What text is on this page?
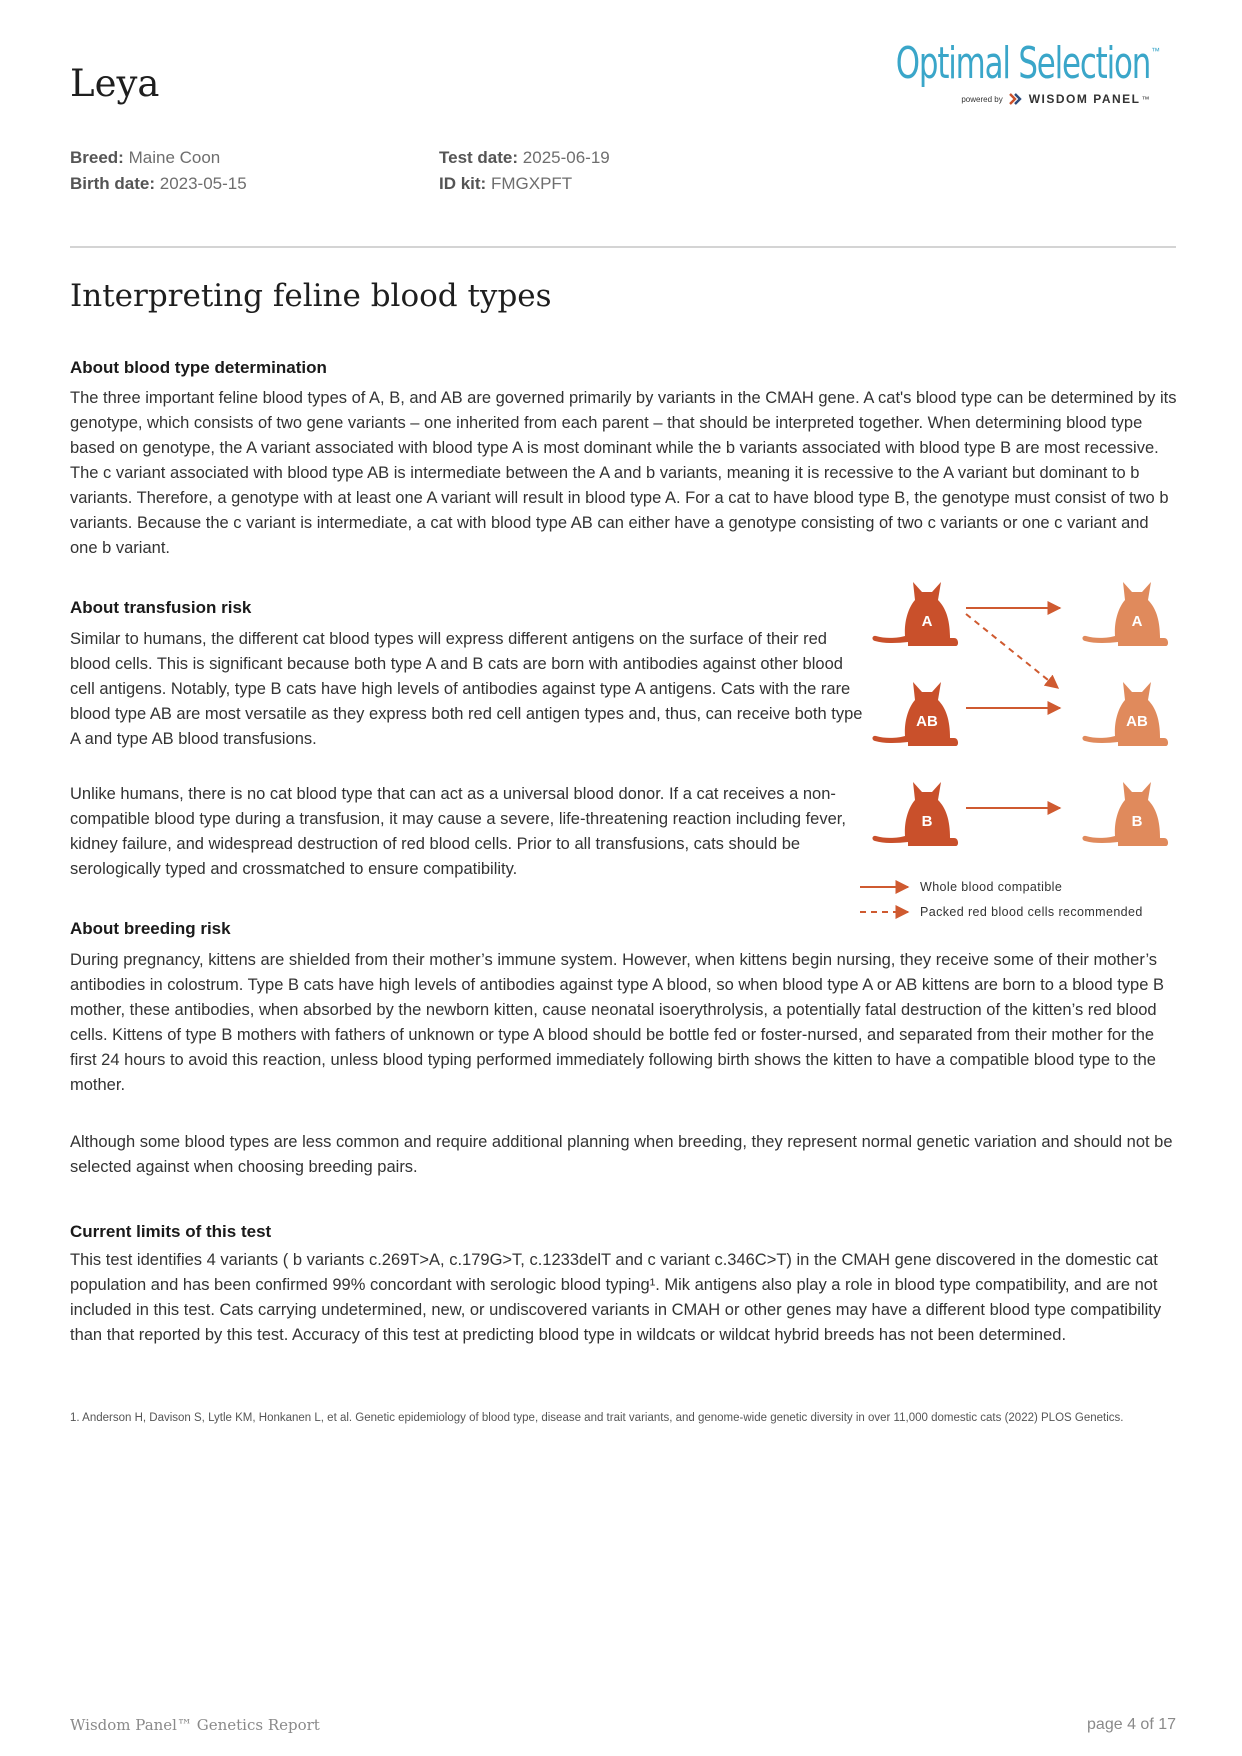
Leya	Optimal Selection ™
powered by WISDOM PANEL ™
Breed: Maine Coon
Birth date: 2023-05-15
Test date: 2025-06-19
ID kit: FMGXPFT
Interpreting feline blood types
About blood type determination

The three important feline blood types of A, B, and AB are governed primarily by variants in the CMAH gene. A cat's blood type can be determined by its genotype, which consists of two gene variants – one inherited from each parent – that should be interpreted together. When determining blood type based on genotype, the A variant associated with blood type A is most dominant while the b variants associated with blood type B are most recessive. The c variant associated with blood type AB is intermediate between the A and b variants, meaning it is recessive to the A variant but dominant to b variants. Therefore, a genotype with at least one A variant will result in blood type A. For a cat to have blood type B, the genotype must consist of two b variants. Because the c variant is intermediate, a cat with blood type AB can either have a genotype consisting of two c variants or one c variant and one b variant.

About transfusion risk

Similar to humans, the different cat blood types will express different antigens on the surface of their red blood cells. This is significant because both type A and B cats are born with antibodies against other blood cell antigens. Notably, type B cats have high levels of antibodies against type A antigens. Cats with the rare blood type AB are most versatile as they express both red cell antigen types and, thus, can receive both type A and type AB blood transfusions.

Unlike humans, there is no cat blood type that can act as a universal blood donor. If a cat receives a non-compatible blood type during a transfusion, it may cause a severe, life-threatening reaction including fever, kidney failure, and widespread destruction of red blood cells. Prior to all transfusions, cats should be serologically typed and crossmatched to ensure compatibility.

A
AB
B
A
AB
B
Whole blood compatible
Packed red blood cells recommended
About breeding risk

During pregnancy, kittens are shielded from their mother’s immune system. However, when kittens begin nursing, they receive some of their mother’s antibodies in colostrum. Type B cats have high levels of antibodies against type A blood, so when blood type A or AB kittens are born to a blood type B mother, these antibodies, when absorbed by the newborn kitten, cause neonatal isoerythrolysis, a potentially fatal destruction of the kitten’s red blood cells. Kittens of type B mothers with fathers of unknown or type A blood should be bottle fed or foster-nursed, and separated from their mother for the first 24 hours to avoid this reaction, unless blood typing performed immediately following birth shows the kitten to have a compatible blood type to the mother.

Although some blood types are less common and require additional planning when breeding, they represent normal genetic variation and should not be selected against when choosing breeding pairs.

Current limits of this test

This test identifies 4 variants ( b variants c.269T>A, c.179G>T, c.1233delT and c variant c.346C>T) in the CMAH gene discovered in the domestic cat population and has been confirmed 99% concordant with serologic blood typing¹. Mik antigens also play a role in blood type compatibility, and are not included in this test. Cats carrying undetermined, new, or undiscovered variants in CMAH or other genes may have a different blood type compatibility than that reported by this test. Accuracy of this test at predicting blood type in wildcats or wildcat hybrid breeds has not been determined.

1. Anderson H, Davison S, Lytle KM, Honkanen L, et al. Genetic epidemiology of blood type, disease and trait variants, and genome-wide genetic diversity in over 11,000 domestic cats (2022) PLOS Genetics.

Wisdom Panel™ Genetics Report	page 4 of 17
